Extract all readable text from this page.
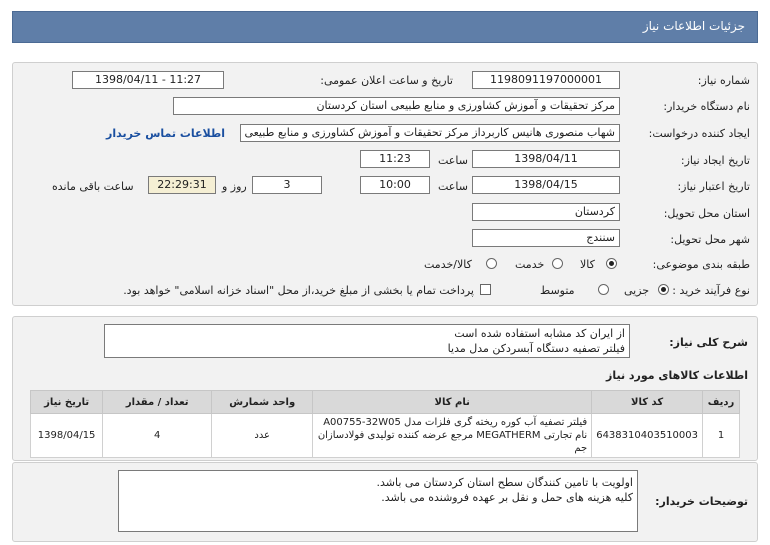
جزئیات اطلاعات نیاز
شماره نیاز:
1198091197000001
تاریخ و ساعت اعلان عمومی:
1398/04/11 - 11:27
نام دستگاه خریدار:
مرکز تحقیقات و آموزش کشاورزی و منابع طبیعی استان کردستان
ایجاد کننده درخواست:
شهاب منصوری هانیس کاربرداز مرکز تحقیقات و آموزش کشاورزی و منابع طبیعی
اطلاعات تماس خریدار
تاریخ ایجاد نیاز:
1398/04/11
ساعت
11:23
تاریخ اعتبار نیاز:
1398/04/15
ساعت
10:00
3
روز و
22:29:31
ساعت باقی مانده
استان محل تحویل:
کردستان
شهر محل تحویل:
سنندج
طبقه بندی موضوعی:
کالا
خدمت
کالا/خدمت
نوع فرآیند خرید :
جزیی
متوسط
پرداخت تمام یا بخشی از مبلغ خرید،از محل "اسناد خزانه اسلامی" خواهد بود.
شرح کلی نیاز:
از ایران کد مشابه استفاده شده است
فیلتر تصفیه دستگاه آبسردکن مدل مدیا
اطلاعات کالاهای مورد نیاز
ردیف	کد کالا	نام کالا	واحد شمارش	تعداد / مقدار	تاریخ نیاز
1	6438310403510003	فیلتر تصفیه آب کوره ریخته گری فلزات مدل A00755-32W05 نام تجارتی MEGATHERM مرجع عرضه کننده تولیدی فولادسازان جم	عدد	4	1398/04/15
توضیحات خریدار:
اولویت با تامین کنندگان سطح استان کردستان می باشد.
کلیه هزینه های حمل و نقل بر عهده فروشنده می باشد.
